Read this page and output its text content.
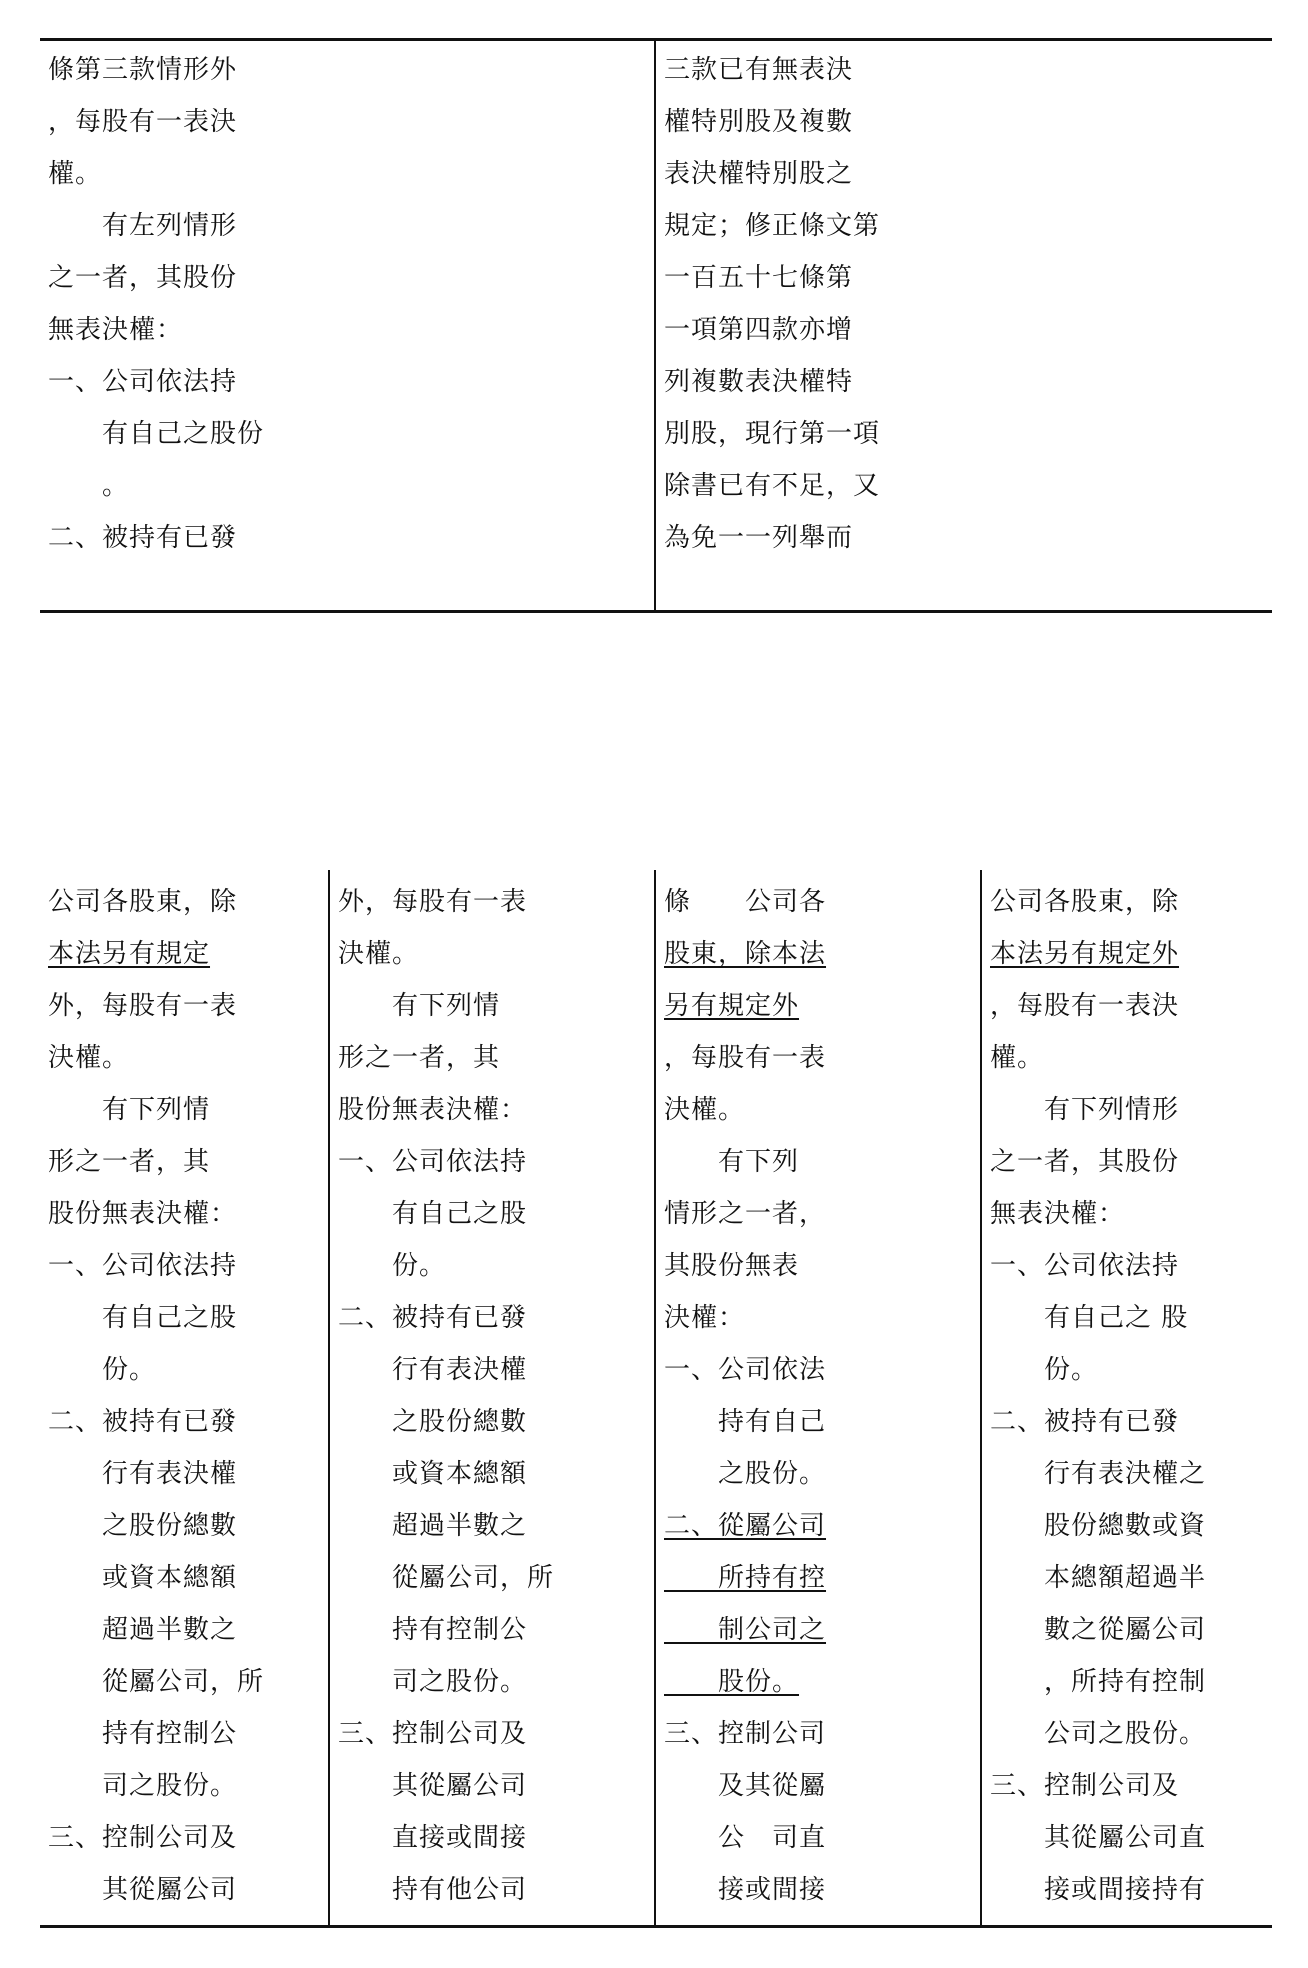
三款已有無表決
權特別股及複數
表決權特別股之
規定；修正條文第
一百五十七條第
一項第四款亦增
列複數表決權特
別股，現行第一項
除書已有不足，又
為免一一列舉而
條第三款情形外
，每股有一表決
權。
　　有左列情形
之一者，其股份
無表決權：
一、公司依法持
　　有自己之股份
　　。
二、被持有已發
公司各股東，除
本法另有規定外
，每股有一表決
權。
　　有下列情形
之一者，其股份
無表決權：
一、公司依法持
　　有自己之 股
　　份。
二、被持有已發
　　行有表決權之
　　股份總數或資
　　本總額超過半
　　數之從屬公司
　　，所持有控制
　　公司之股份。
三、控制公司及
　　其從屬公司直
　　接或間接持有
條　　公司各
股東，除本法
另有規定外
，每股有一表
決權。
　　有下列
情形之一者，
其股份無表
決權：
一、公司依法
　　持有自己
　　之股份。
二、從屬公司
　　所持有控
　　制公司之
　　股份。
三、控制公司
　　及其從屬
　　公　司直
　　接或間接
外，每股有一表
決權。
　　有下列情
形之一者，其
股份無表決權：
一、公司依法持
　　有自己之股
　　份。
二、被持有已發
　　行有表決權
　　之股份總數
　　或資本總額
　　超過半數之
　　從屬公司，所
　　持有控制公
　　司之股份。
三、控制公司及
　　其從屬公司
　　直接或間接
　　持有他公司
公司各股東，除
本法另有規定
外，每股有一表
決權。
　　有下列情
形之一者，其
股份無表決權：
一、公司依法持
　　有自己之股
　　份。
二、被持有已發
　　行有表決權
　　之股份總數
　　或資本總額
　　超過半數之
　　從屬公司，所
　　持有控制公
　　司之股份。
三、控制公司及
　　其從屬公司
